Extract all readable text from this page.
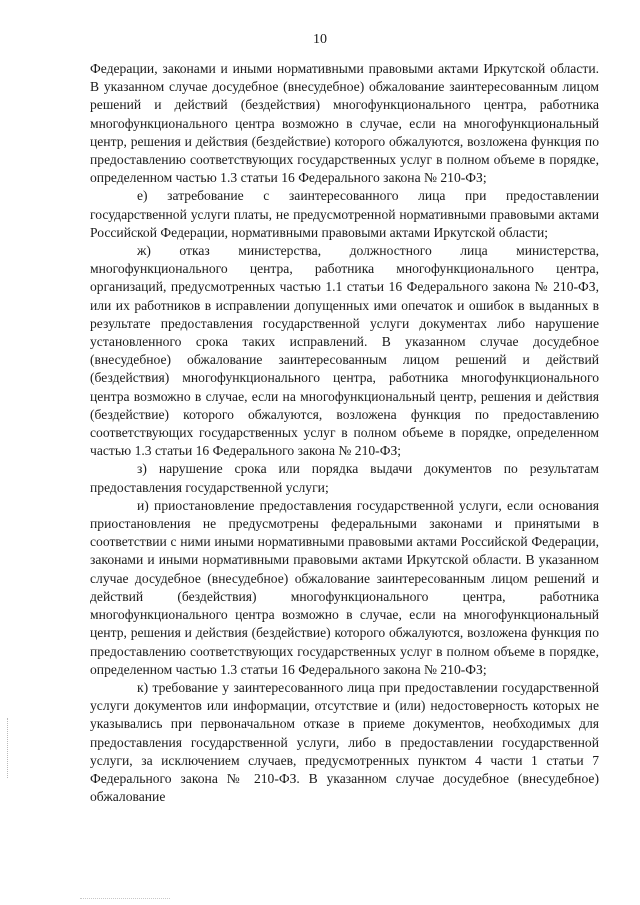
10

Федерации, законами и иными нормативными правовыми актами Иркутской области. В указанном случае досудебное (внесудебное) обжалование заинтересованным лицом решений и действий (бездействия) многофункционального центра, работника многофункционального центра возможно в случае, если на многофункциональный центр, решения и действия (бездействие) которого обжалуются, возложена функция по предоставлению соответствующих государственных услуг в полном объеме в порядке, определенном частью 1.3 статьи 16 Федерального закона № 210-ФЗ;

е) затребование с заинтересованного лица при предоставлении государственной услуги платы, не предусмотренной нормативными правовыми актами Российской Федерации, нормативными правовыми актами Иркутской области;

ж) отказ министерства, должностного лица министерства, многофункционального центра, работника многофункционального центра, организаций, предусмотренных частью 1.1 статьи 16 Федерального закона № 210-ФЗ, или их работников в исправлении допущенных ими опечаток и ошибок в выданных в результате предоставления государственной услуги документах либо нарушение установленного срока таких исправлений. В указанном случае досудебное (внесудебное) обжалование заинтересованным лицом решений и действий (бездействия) многофункционального центра, работника многофункционального центра возможно в случае, если на многофункциональный центр, решения и действия (бездействие) которого обжалуются, возложена функция по предоставлению соответствующих государственных услуг в полном объеме в порядке, определенном частью 1.3 статьи 16 Федерального закона № 210-ФЗ;

з) нарушение срока или порядка выдачи документов по результатам предоставления государственной услуги;

и) приостановление предоставления государственной услуги, если основания приостановления не предусмотрены федеральными законами и принятыми в соответствии с ними иными нормативными правовыми актами Российской Федерации, законами и иными нормативными правовыми актами Иркутской области. В указанном случае досудебное (внесудебное) обжалование заинтересованным лицом решений и действий (бездействия) многофункционального центра, работника многофункционального центра возможно в случае, если на многофункциональный центр, решения и действия (бездействие) которого обжалуются, возложена функция по предоставлению соответствующих государственных услуг в полном объеме в порядке, определенном частью 1.3 статьи 16 Федерального закона № 210-ФЗ;

к) требование у заинтересованного лица при предоставлении государственной услуги документов или информации, отсутствие и (или) недостоверность которых не указывались при первоначальном отказе в приеме документов, необходимых для предоставления государственной услуги, либо в предоставлении государственной услуги, за исключением случаев, предусмотренных пунктом 4 части 1 статьи 7 Федерального закона № 210-ФЗ. В указанном случае досудебное (внесудебное) обжалование
